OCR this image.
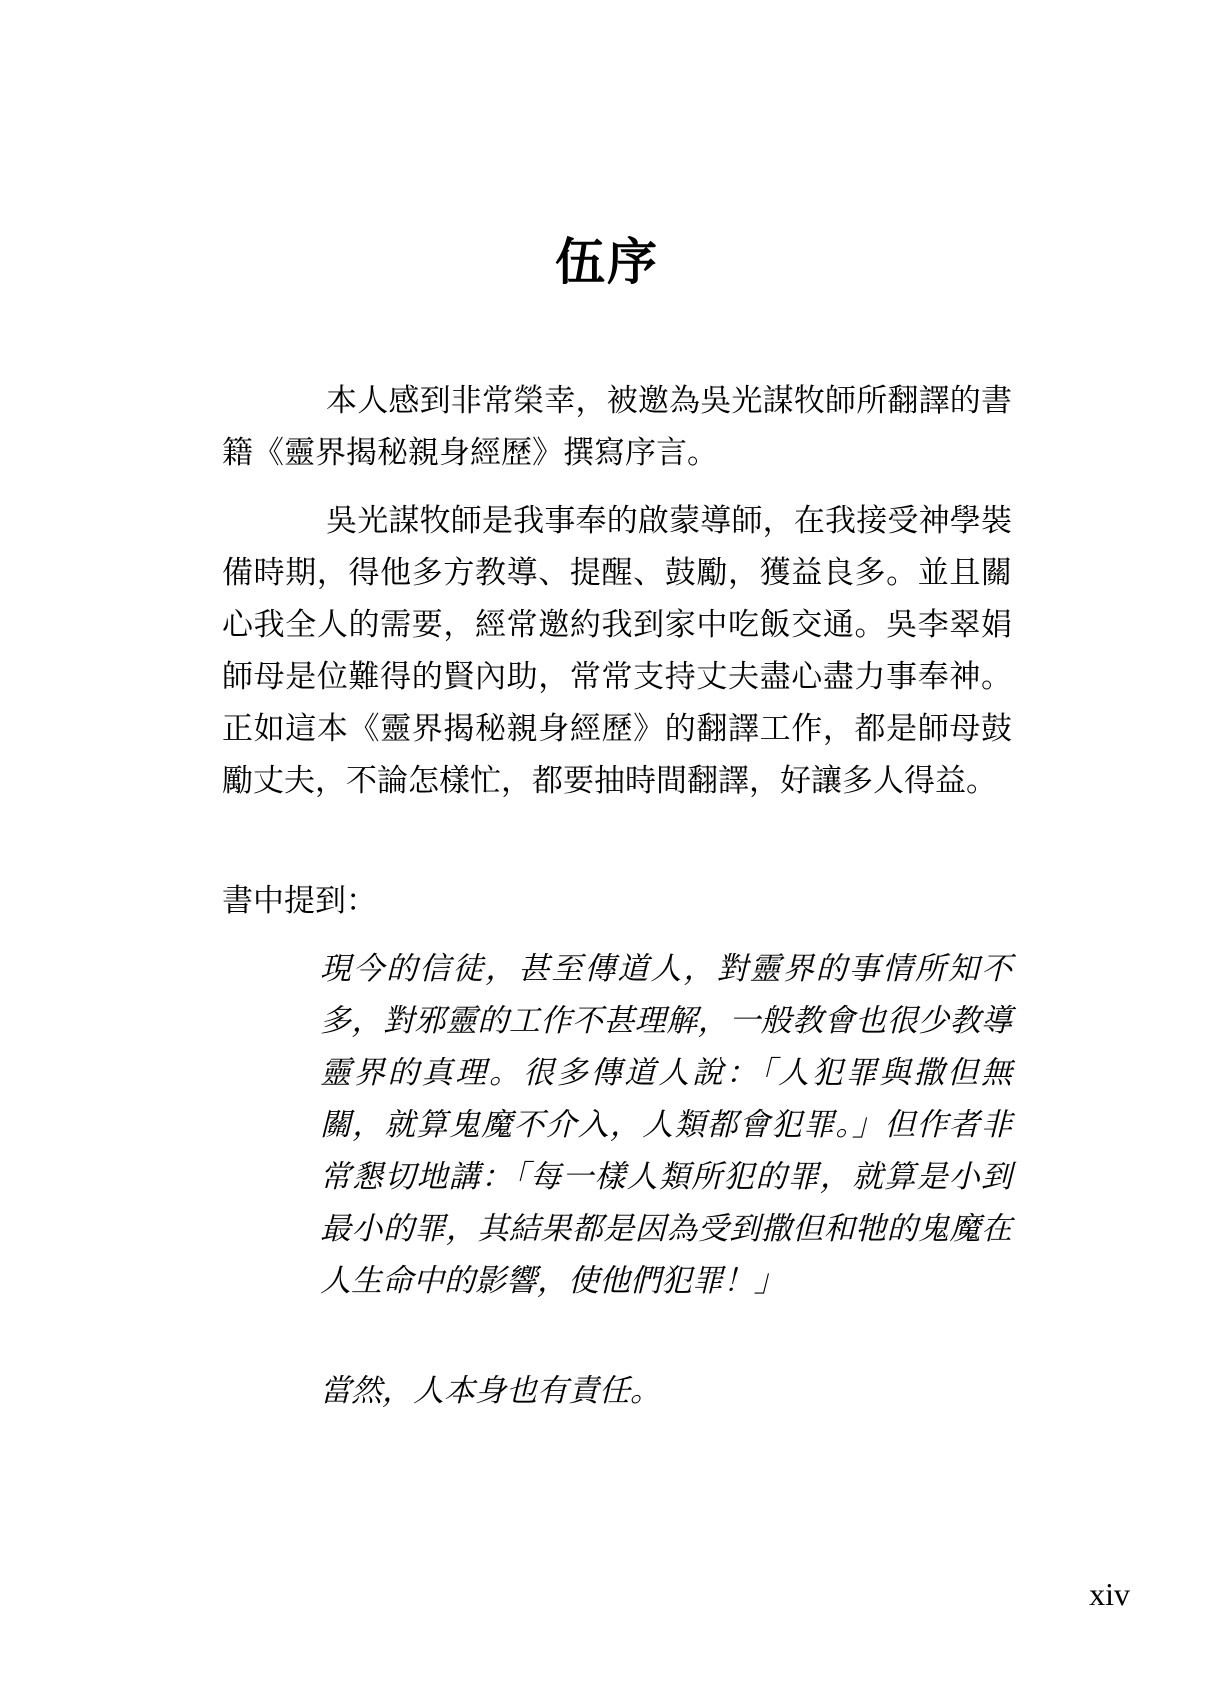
伍序

本人感到非常榮幸，被邀為吳光謀牧師所翻譯的書籍《靈界揭秘親身經歷》撰寫序言。

吳光謀牧師是我事奉的啟蒙導師，在我接受神學裝備時期，得他多方教導、提醒、鼓勵，獲益良多。並且關心我全人的需要，經常邀約我到家中吃飯交通。吳李翠娟師母是位難得的賢內助，常常支持丈夫盡心盡力事奉神。正如這本《靈界揭秘親身經歷》的翻譯工作，都是師母鼓勵丈夫，不論怎樣忙，都要抽時間翻譯，好讓多人得益。

書中提到：

現今的信徒，甚至傳道人，對靈界的事情所知不多，對邪靈的工作不甚理解，一般教會也很少教導靈界的真理。很多傳道人說：「人犯罪與撒但無關，就算鬼魔不介入，人類都會犯罪。」但作者非常懇切地講：「每一樣人類所犯的罪，就算是小到最小的罪，其結果都是因為受到撒但和牠的鬼魔在人生命中的影響，使他們犯罪！」

當然，人本身也有責任。

xiv
